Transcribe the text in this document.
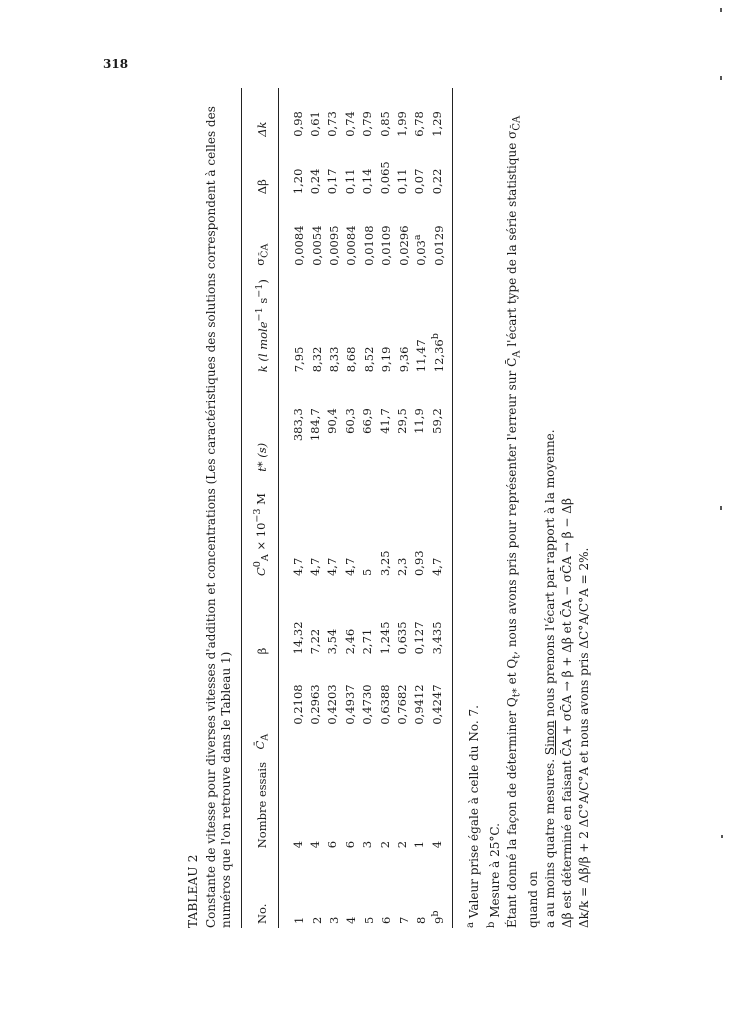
318
TABLEAU 2 Constante de vitesse pour diverses vitesses d'addition et concentrations (Les caractéristiques des solutions correspondent à celles des numéros que l'on retrouve dans le Tableau 1) No.	Nombre essais	$C̄_A$	β	$C^0_A \times 10^{-3}$ M	t* (s)	k (l mole$^{-1}$ $s^{-1}$)	$\sigma_{C̄A}$	Δβ	Δk
1	4	0,2108	14,32	4,7	383,3	7,95	0,0084	1,20	0,98
2	4	0,2963	7,22	4,7	184,7	8,32	0,0054	0,24	0,61
3	6	0,4203	3,54	4,7	90,4	8,33	0,0095	0,17	0,73
4	6	0,4937	2,46	4,7	60,3	8,68	0,0084	0,11	0,74
5	3	0,4730	2,71	5	66,9	8,52	0,0108	0,14	0,79
6	2	0,6388	1,245	3,25	41,7	9,19	0,0109	0,065	0,85
7	2	0,7682	0,635	2,3	29,5	9,36	0,0296	0,11	1,99
8	1	0,9412	0,127	0,93	11,9	11,47	0,03$^a$	0,07	6,78
9$^b$	4	0,4247	3,435	4,7	59,2	12,36$^b$	0,0129	0,22	1,29

$^a$ Valeur prise égale à celle du No. 7.

$^b$ Mesure à 25°C. Étant donné la façon de déterminer $Q_{t*}$ et $Q_t$, nous avons pris pour représenter l'erreur sur $C̄_A$ l'écart type de la série statistique $\sigma_{C̄A}$ quand on a au moins quatre mesures. Sinon nous prenons l'écart par rapport à la moyenne. Δβ est déterminé en faisant C̄A + σC̄A → β + Δβ et C̄A − σC̄A → β − Δβ Δk/k = Δβ/β + 2 ΔC°A/C°A et nous avons pris ΔC°A/C°A = 2%.
